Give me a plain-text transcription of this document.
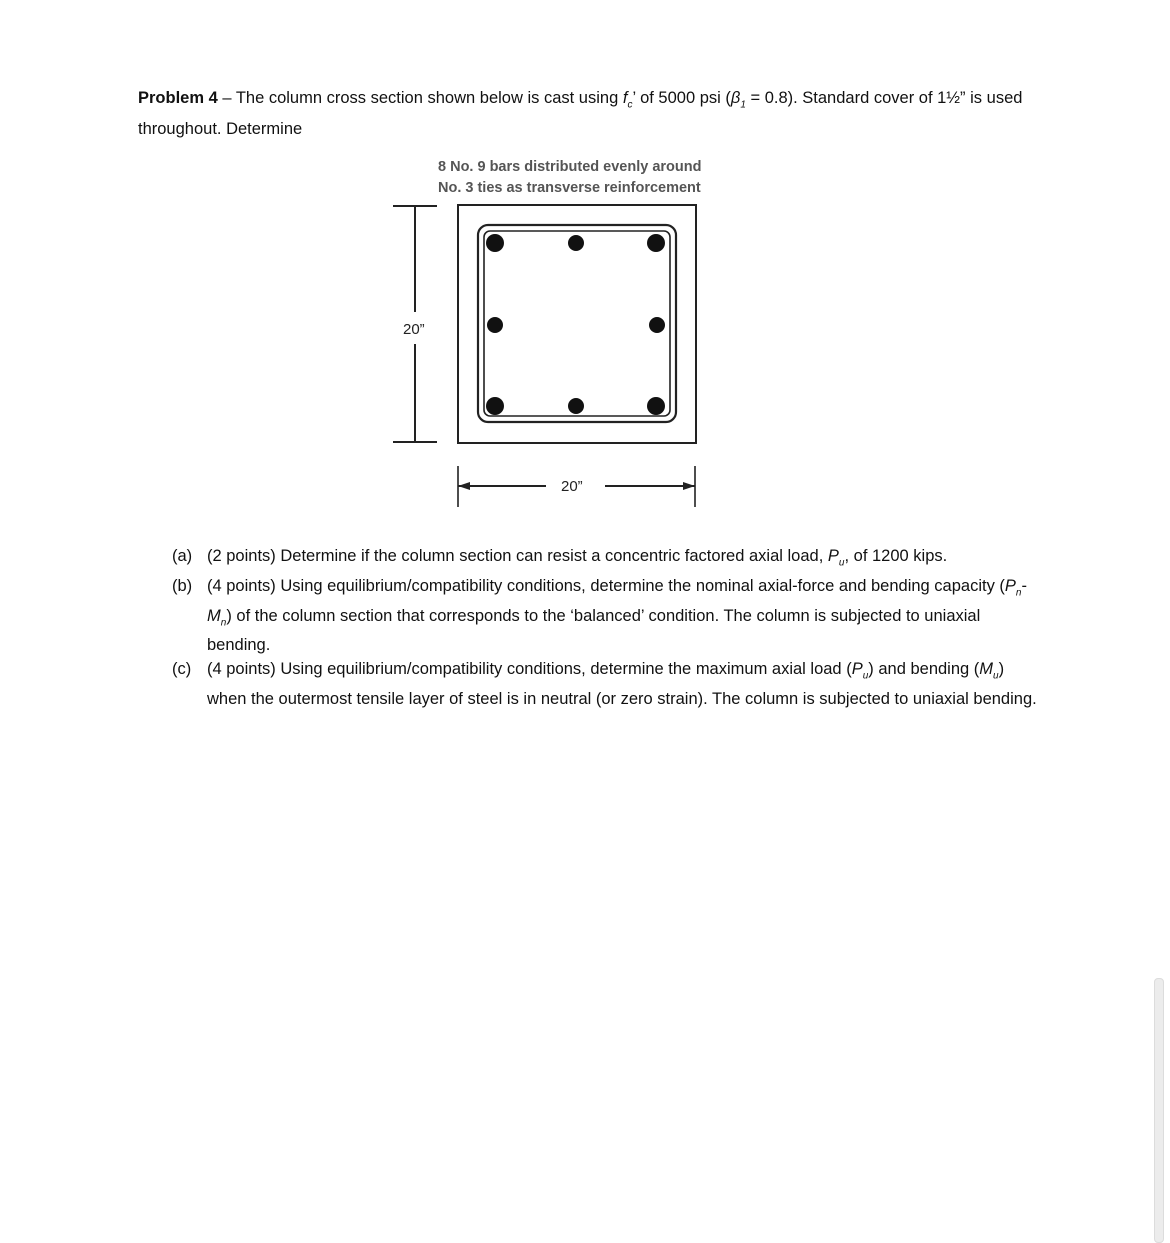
Problem 4 – The column cross section shown below is cast using $f_c$’ of 5000 psi $(\beta_1 = 0.8)$. Standard cover of 1½” is used throughout. Determine
8 No. 9 bars distributed evenly around
No. 3 ties as transverse reinforcement
20”
20”
(a) (2 points) Determine if the column section can resist a concentric factored axial load, $P_u$, of 1200 kips.
(b) (4 points) Using equilibrium/compatibility conditions, determine the nominal axial-force and bending capacity $(P_n-M_n)$ of the column section that corresponds to the ‘balanced’ condition. The column is subjected to uniaxial bending.
(c) (4 points) Using equilibrium/compatibility conditions, determine the maximum axial load $(P_u)$ and bending $(M_u)$ when the outermost tensile layer of steel is in neutral (or zero strain). The column is subjected to uniaxial bending.
